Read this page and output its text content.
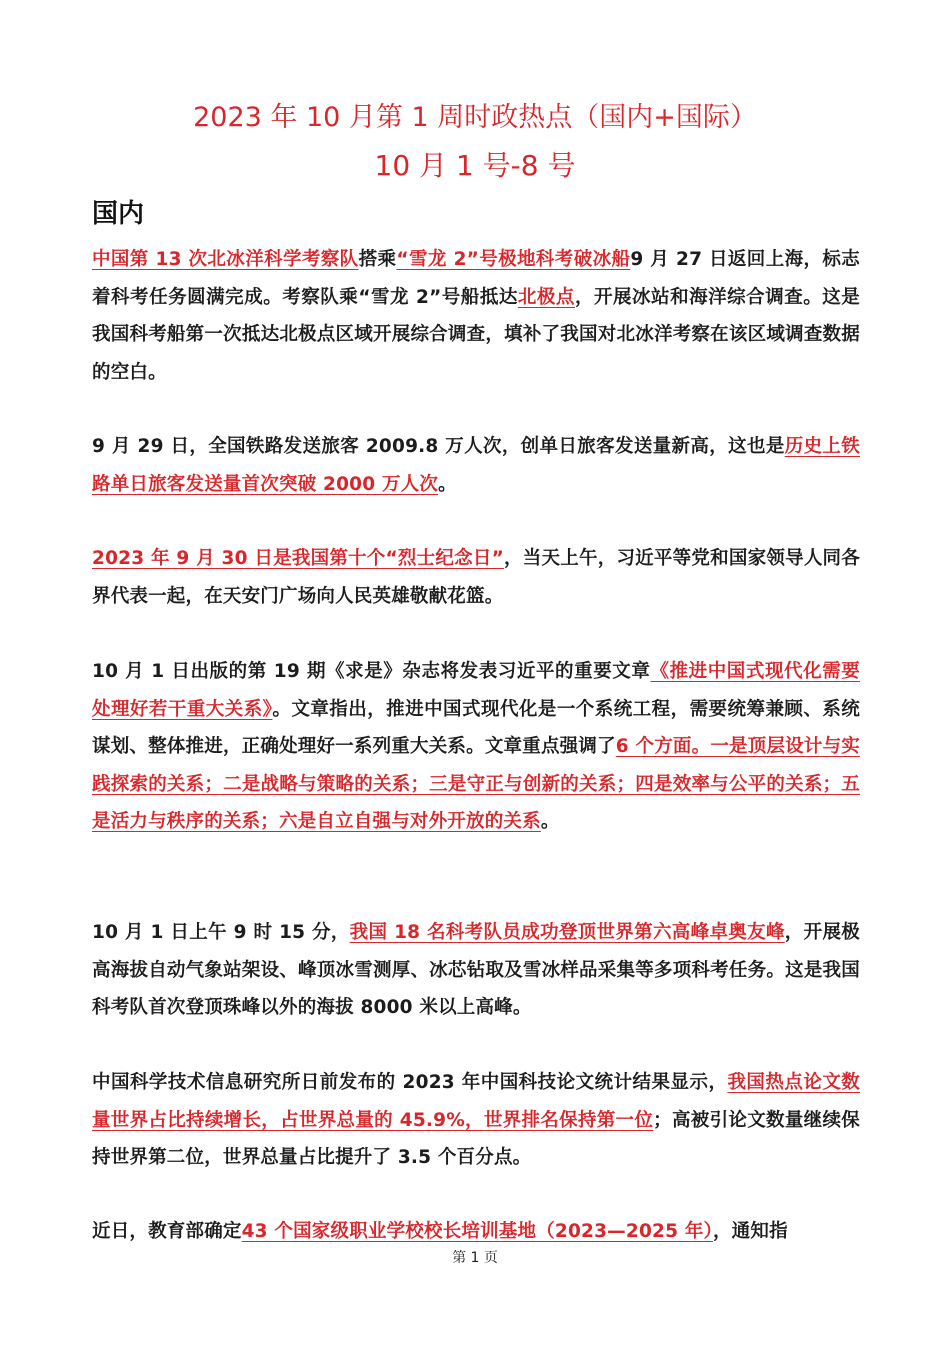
2023 年 10 月第 1 周时政热点（国内+国际）
10 月 1 号-8 号
国内
中国第 13 次北冰洋科学考察队搭乘“雪龙 2”号极地科考破冰船9 月 27 日返回上海，标志着科考任务圆满完成。考察队乘“雪龙 2”号船抵达北极点，开展冰站和海洋综合调查。这是我国科考船第一次抵达北极点区域开展综合调查，填补了我国对北冰洋考察在该区域调查数据的空白。
9 月 29 日，全国铁路发送旅客 2009.8 万人次，创单日旅客发送量新高，这也是历史上铁路单日旅客发送量首次突破 2000 万人次。
2023 年 9 月 30 日是我国第十个“烈士纪念日”，当天上午，习近平等党和国家领导人同各界代表一起，在天安门广场向人民英雄敬献花篮。
10 月 1 日出版的第 19 期《求是》杂志将发表习近平的重要文章《推进中国式现代化需要处理好若干重大关系》。文章指出，推进中国式现代化是一个系统工程，需要统筹兼顾、系统谋划、整体推进，正确处理好一系列重大关系。文章重点强调了6 个方面。一是顶层设计与实践探索的关系；二是战略与策略的关系；三是守正与创新的关系；四是效率与公平的关系；五是活力与秩序的关系；六是自立自强与对外开放的关系。
10 月 1 日上午 9 时 15 分，我国 18 名科考队员成功登顶世界第六高峰卓奥友峰，开展极高海拔自动气象站架设、峰顶冰雪测厚、冰芯钻取及雪冰样品采集等多项科考任务。这是我国科考队首次登顶珠峰以外的海拔 8000 米以上高峰。
中国科学技术信息研究所日前发布的 2023 年中国科技论文统计结果显示，我国热点论文数量世界占比持续增长，占世界总量的 45.9%，世界排名保持第一位；高被引论文数量继续保持世界第二位，世界总量占比提升了 3.5 个百分点。
近日，教育部确定43 个国家级职业学校校长培训基地（2023—2025 年），通知指
第 1 页
